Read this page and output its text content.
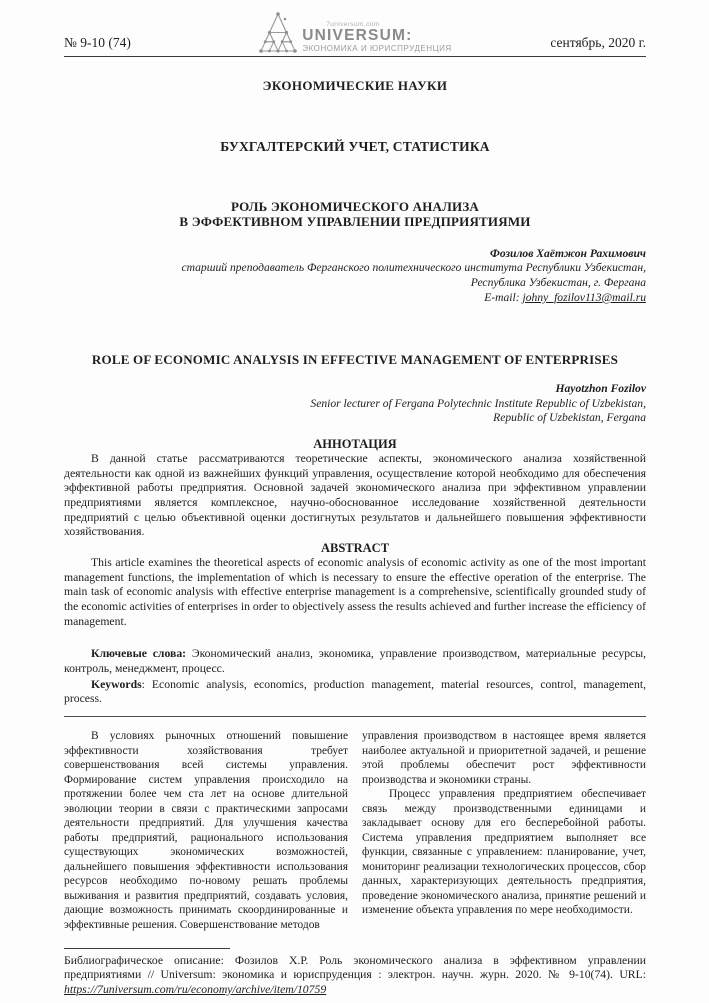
№ 9-10 (74)
7universum.com
UNIVERSUM:
ЭКОНОМИКА И ЮРИСПРУДЕНЦИЯ	сентябрь, 2020 г.
ЭКОНОМИЧЕСКИЕ НАУКИ
БУХГАЛТЕРСКИЙ УЧЕТ, СТАТИСТИКА
РОЛЬ ЭКОНОМИЧЕСКОГО АНАЛИЗА
В ЭФФЕКТИВНОМ УПРАВЛЕНИИ ПРЕДПРИЯТИЯМИ
Фозилов Хаётжон Рахимович
старший преподаватель Ферганского политехнического института Республики Узбекистан,
Республика Узбекистан, г. Фергана
E-mail: johny_fozilov113@mail.ru
ROLE OF ECONOMIC ANALYSIS IN EFFECTIVE MANAGEMENT OF ENTERPRISES
Hayotzhon Fozilov
Senior lecturer of Fergana Polytechnic Institute Republic of Uzbekistan,
Republic of Uzbekistan, Fergana
АННОТАЦИЯ

В данной статье рассматриваются теоретические аспекты, экономического анализа хозяйственной деятельности как одной из важнейших функций управления, осуществление которой необходимо для обеспечения эффективной работы предприятия. Основной задачей экономического анализа при эффективном управлении предприятиями является комплексное, научно-обоснованное исследование хозяйственной деятельности предприятий с целью объективной оценки достигнутых результатов и дальнейшего повышения эффективности хозяйствования.

ABSTRACT

This article examines the theoretical aspects of economic analysis of economic activity as one of the most important management functions, the implementation of which is necessary to ensure the effective operation of the enterprise. The main task of economic analysis with effective enterprise management is a comprehensive, scientifically grounded study of the economic activities of enterprises in order to objectively assess the results achieved and further increase the efficiency of management.

Ключевые слова: Экономический анализ, экономика, управление производством, материальные ресурсы, контроль, менеджмент, процесс.

Keywords: Economic analysis, economics, production management, material resources, control, management, process.

В условиях рыночных отношений повышение эффективности хозяйствования требует совершенствования всей системы управления. Формирование систем управления происходило на протяжении более чем ста лет на основе длительной эволюции теории в связи с практическими запросами деятельности предприятий. Для улучшения качества работы предприятий, рационального использования существующих экономических возможностей, дальнейшего повышения эффективности использования ресурсов необходимо по-новому решать проблемы выживания и развития предприятий, создавать условия, дающие возможность принимать скоординированные и эффективные решения. Совершенствование методов

управления производством в настоящее время является наиболее актуальной и приоритетной задачей, и решение этой проблемы обеспечит рост эффективности производства и экономики страны.

Процесс управления предприятием обеспечивает связь между производственными единицами и закладывает основу для его бесперебойной работы. Система управления предприятием выполняет все функции, связанные с управлением: планирование, учет, мониторинг реализации технологических процессов, сбор данных, характеризующих деятельность предприятия, проведение экономического анализа, принятие решений и изменение объекта управления по мере необходимости.

Библиографическое описание: Фозилов Х.Р. Роль экономического анализа в эффективном управлении предприятиями // Universum: экономика и юриспруденция : электрон. научн. журн. 2020. № 9-10(74). URL: https://7universum.com/ru/economy/archive/item/10759
